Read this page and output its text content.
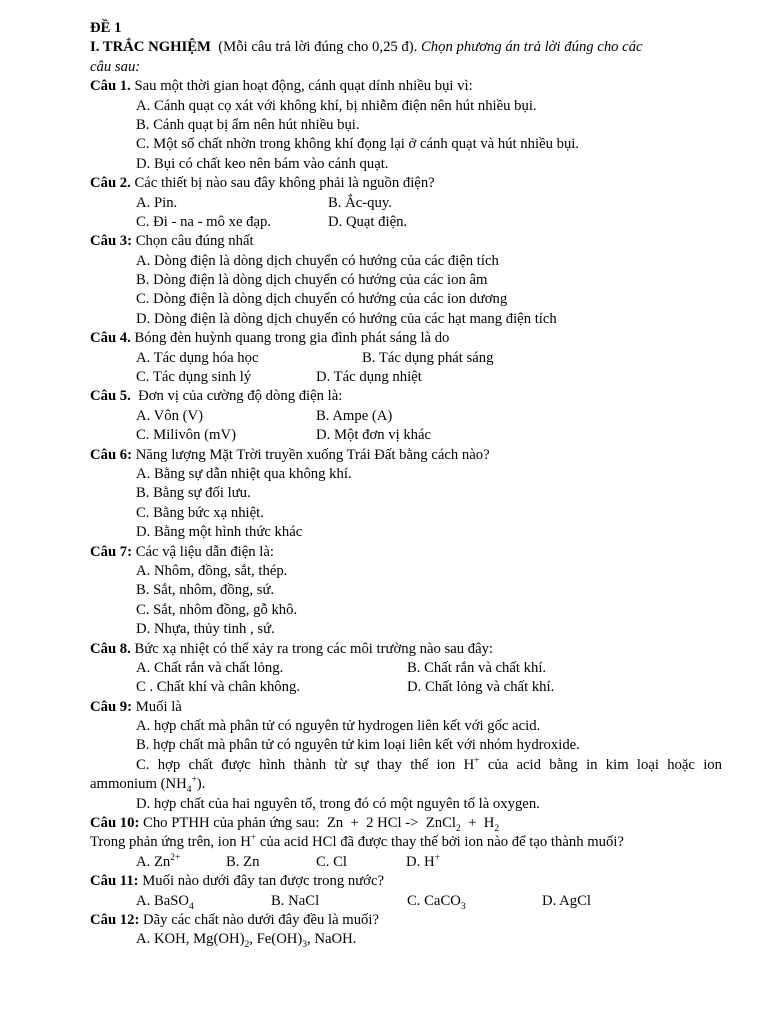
ĐỀ 1
I. TRẮC NGHIỆM (Mỗi câu trả lời đúng cho 0,25 đ). Chọn phương án trả lời đúng cho các
câu sau:
Câu 1. Sau một thời gian hoạt động, cánh quạt dính nhiều bụi vì:
A. Cánh quạt cọ xát với không khí, bị nhiễm điện nên hút nhiều bụi.
B. Cánh quạt bị ẩm nên hút nhiều bụi.
C. Một số chất nhờn trong không khí đọng lại ở cánh quạt và hút nhiều bụi.
D. Bụi có chất keo nên bám vào cánh quạt.
Câu 2. Các thiết bị nào sau đây không phải là nguồn điện?
A. Pin.	B. Ắc-quy.
C. Đi - na - mô xe đạp.	D. Quạt điện.
Câu 3: Chọn câu đúng nhất
A. Dòng điện là dòng dịch chuyển có hướng của các điện tích
B. Dòng điện là dòng dịch chuyển có hướng của các ion âm
C. Dòng điện là dòng dịch chuyển có hướng của các ion dương
D. Dòng điện là dòng dịch chuyển có hướng của các hạt mang điện tích
Câu 4. Bóng đèn huỳnh quang trong gia đình phát sáng là do
A. Tác dụng hóa học	B. Tác dụng phát sáng
C. Tác dụng sinh lý	D. Tác dụng nhiệt
Câu 5. Đơn vị của cường độ dòng điện là:
A. Vôn (V)	B. Ampe (A)
C. Milivôn (mV)	D. Một đơn vị khác
Câu 6: Năng lượng Mặt Trời truyền xuống Trái Đất bằng cách nào?
A. Bằng sự dẫn nhiệt qua không khí.
B. Bằng sự đối lưu.
C. Bằng bức xạ nhiệt.
D. Bằng một hình thức khác
Câu 7: Các vậ liệu dẫn điện là:
A. Nhôm, đồng, sắt, thép.
B. Sắt, nhôm, đồng, sứ.
C. Sắt, nhôm đồng, gỗ khô.
D. Nhựa, thủy tinh , sứ.
Câu 8. Bức xạ nhiệt có thể xảy ra trong các môi trường nào sau đây:
A. Chất rắn và chất lỏng.	B. Chất rắn và chất khí.
C . Chất khí và chân không.	D. Chất lỏng và chất khí.
Câu 9: Muối là
A. hợp chất mà phân tử có nguyên tử hydrogen liên kết với gốc acid.
B. hợp chất mà phân tử có nguyên tử kim loại liên kết với nhóm hydroxide.
C. hợp chất được hình thành từ sự thay thế ion H+ của acid bằng in kim loại hoặc ion
ammonium $(NH_4^+)$.
D. hợp chất của hai nguyên tố, trong đó có một nguyên tố là oxygen.
Câu 10: Cho PTHH của phản ứng sau:  Zn  +  2 HCl ->  ZnCl$_2$  +  $H_2$
Trong phản ứng trên, ion H+ của acid HCl đã được thay thế bởi ion nào để tạo thành muối?
A. $Zn^{2+}$	B. Zn	C. Cl	D. H+
Câu 11: Muối nào dưới đây tan được trong nước?
A. BaSO$_4$	B. NaCl	C. CaCO$_3$	D. AgCl
Câu 12: Dãy các chất nào dưới đây đều là muối?
A. KOH, $Mg(OH)_2$, $Fe(OH)_3$, NaOH.
